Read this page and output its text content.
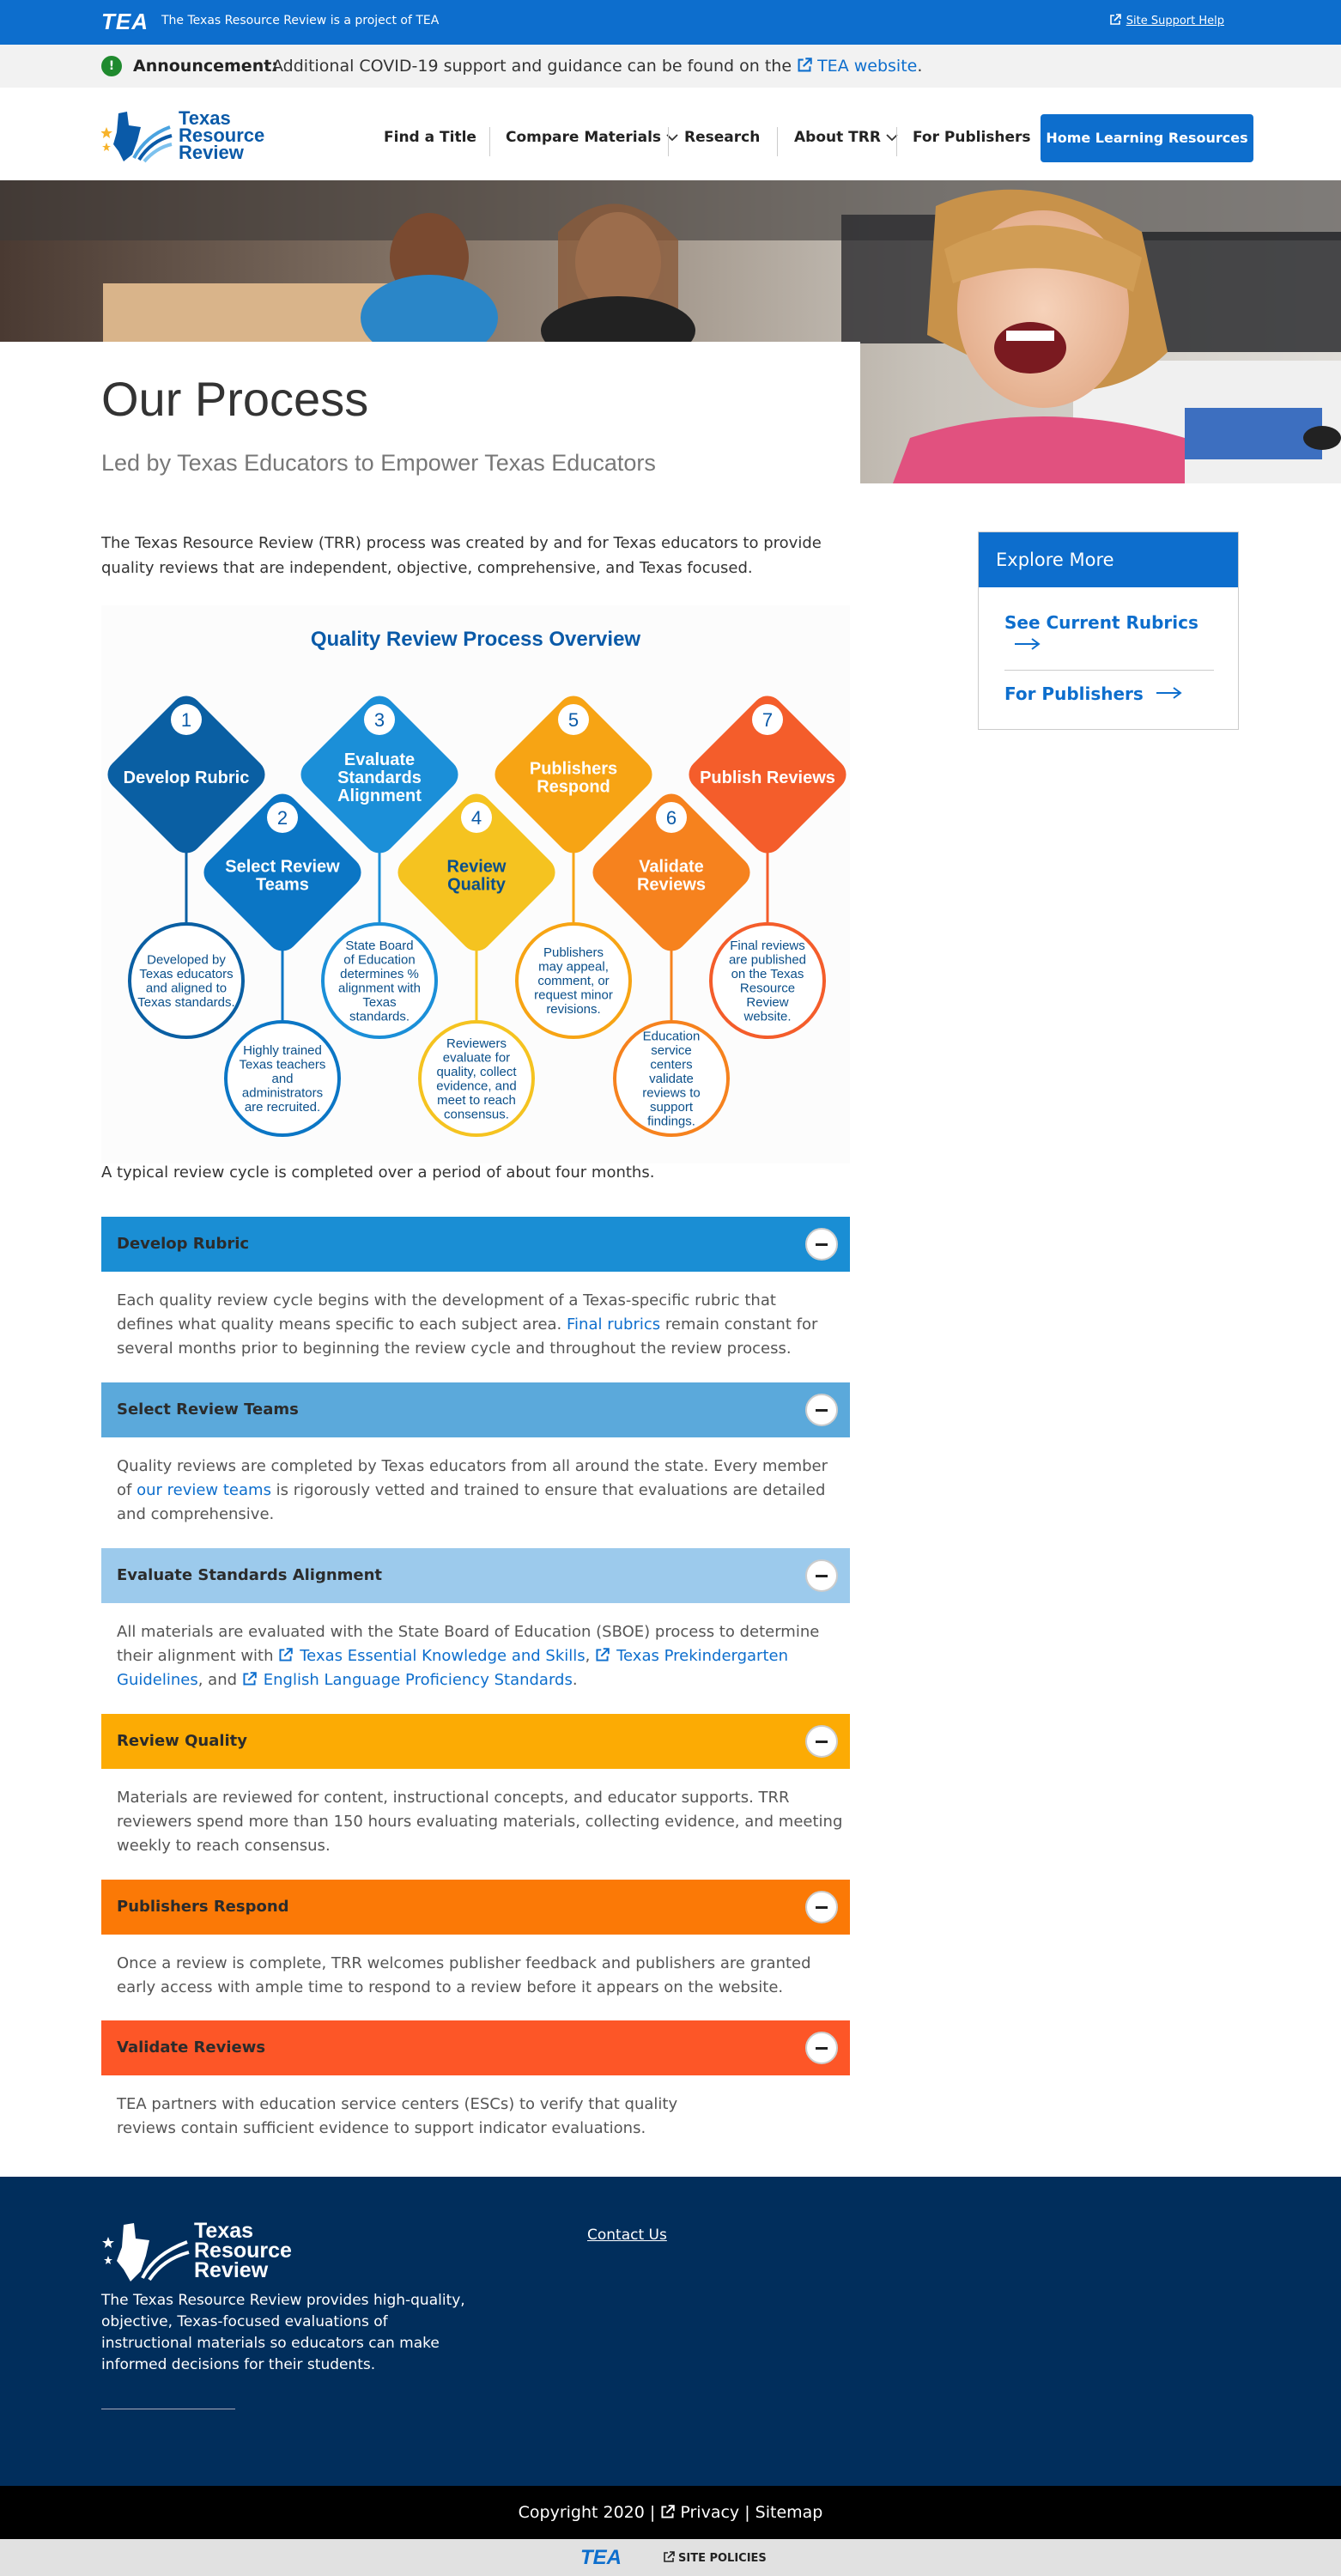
TEA The Texas Resource Review is a project of TEA	Site Support Help
!	Announcement:
Additional COVID-19 support and guidance can be found on the TEA website.
Texas
Resource
Review
Find a Title Compare Materials	Research About TRR	For Publishers	Home Learning Resources
Our Process
Led by Texas Educators to Empower Texas Educators
The Texas Resource Review (TRR) process was created by and for Texas educators to provide quality reviews that are independent, objective, comprehensive, and Texas focused.	Explore More
See Current Rubrics

For Publishers
Quality Review Process Overview
1
Develop Rubric
Developed by
Texas educators
and aligned to
Texas standards.
2
Select Review
Teams
Highly trained
Texas teachers
and
administrators
are recruited.
3
Evaluate
Standards
Alignment
State Board
of Education
determines %
alignment with
Texas
standards.
4
Review
Quality
Reviewers
evaluate for
quality, collect
evidence, and
meet to reach
consensus.
5
Publishers
Respond
Publishers
may appeal,
comment, or
request minor
revisions.
6
Validate
Reviews
Education
service
centers
validate
reviews to
support
findings.
7
Publish Reviews
Final reviews
are published
on the Texas
Resource
Review
website.
A typical review cycle is completed over a period of about four months.
Develop Rubric
Each quality review cycle begins with the development of a Texas-specific rubric that defines what quality means specific to each subject area. Final rubrics remain constant for several months prior to beginning the review cycle and throughout the review process.
Select Review Teams
Quality reviews are completed by Texas educators from all around the state. Every member of our review teams is rigorously vetted and trained to ensure that evaluations are detailed and comprehensive.
Evaluate Standards Alignment
All materials are evaluated with the State Board of Education (SBOE) process to determine their alignment with Texas Essential Knowledge and Skills, Texas Prekindergarten Guidelines, and English Language Proficiency Standards.
Review Quality
Materials are reviewed for content, instructional concepts, and educator supports. TRR reviewers spend more than 150 hours evaluating materials, collecting evidence, and meeting weekly to reach consensus.
Publishers Respond
Once a review is complete, TRR welcomes publisher feedback and publishers are granted early access with ample time to respond to a review before it appears on the website.
Validate Reviews
TEA partners with education service centers (ESCs) to verify that quality reviews contain sufficient evidence to support indicator evaluations.
Texas
Resource
Review
The Texas Resource Review provides high-quality, objective, Texas-focused evaluations of instructional materials so educators can make informed decisions for their students.
Contact Us
Copyright 2020 | Privacy | Sitemap
TEA	SITE POLICIES
